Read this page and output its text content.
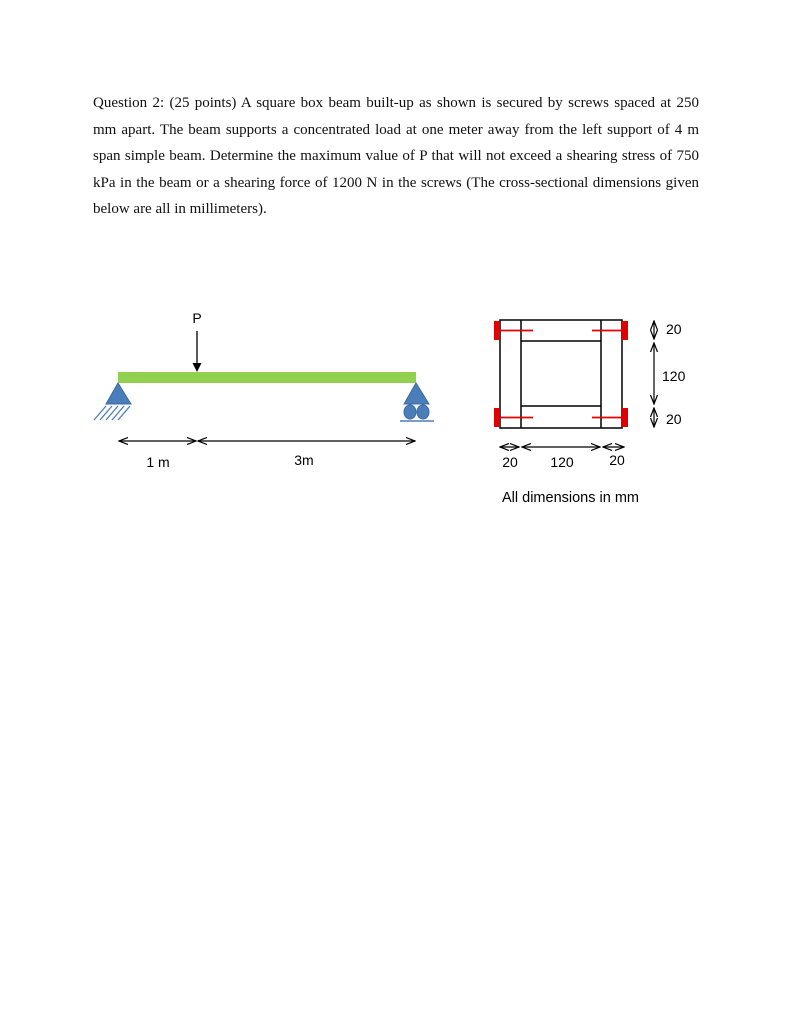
Question 2: (25 points) A square box beam built-up as shown is secured by screws spaced at 250 mm apart. The beam supports a concentrated load at one meter away from the left support of 4 m span simple beam. Determine the maximum value of P that will not exceed a shearing stress of 750 kPa in the beam or a shearing force of 1200 N in the screws (The cross-sectional dimensions given below are all in millimeters).
P
1 m	3m
20
120
20
20 120	20
All dimensions in mm
